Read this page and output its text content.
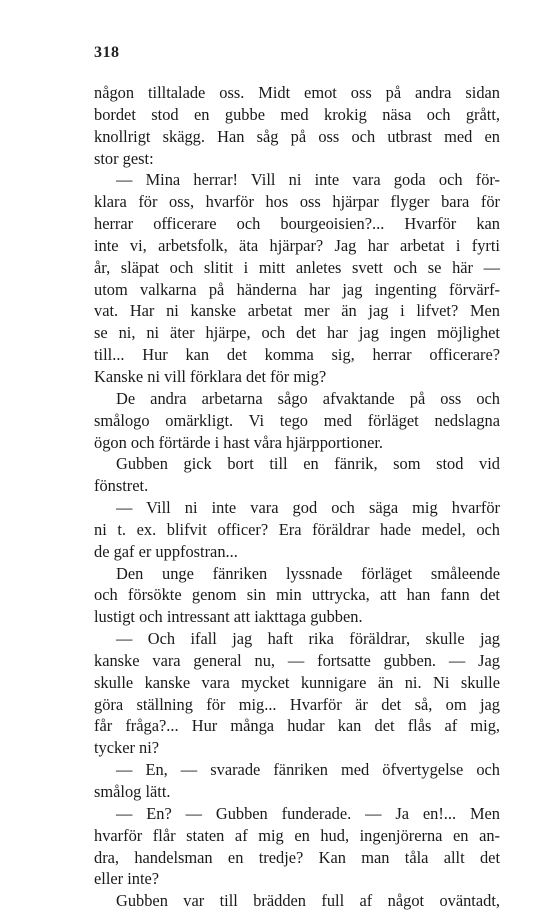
318
någon tilltalade oss. Midt emot oss på andra sidan
bordet stod en gubbe med krokig näsa och grått,
knollrigt skägg. Han såg på oss och utbrast med en
stor gest:
— Mina herrar! Vill ni inte vara goda och för-
klara för oss, hvarför hos oss hjärpar flyger bara för
herrar officerare och bourgeoisien?... Hvarför kan
inte vi, arbetsfolk, äta hjärpar? Jag har arbetat i fyrti
år, släpat och slitit i mitt anletes svett och se här —
utom valkarna på händerna har jag ingenting förvärf-
vat. Har ni kanske arbetat mer än jag i lifvet? Men
se ni, ni äter hjärpe, och det har jag ingen möjlighet
till... Hur kan det komma sig, herrar officerare?
Kanske ni vill förklara det för mig?
De andra arbetarna sågo afvaktande på oss och
smålogo omärkligt. Vi tego med förläget nedslagna
ögon och förtärde i hast våra hjärpportioner.
Gubben gick bort till en fänrik, som stod vid
fönstret.
— Vill ni inte vara god och säga mig hvarför
ni t. ex. blifvit officer? Era föräldrar hade medel, och
de gaf er uppfostran...
Den unge fänriken lyssnade förläget småleende
och försökte genom sin min uttrycka, att han fann det
lustigt och intressant att iakttaga gubben.
— Och ifall jag haft rika föräldrar, skulle jag
kanske vara general nu, — fortsatte gubben. — Jag
skulle kanske vara mycket kunnigare än ni. Ni skulle
göra ställning för mig... Hvarför är det så, om jag
får fråga?... Hur många hudar kan det flås af mig,
tycker ni?
— En, — svarade fänriken med öfvertygelse och
smålog lätt.
— En? — Gubben funderade. — Ja en!... Men
hvarför flår staten af mig en hud, ingenjörerna en an-
dra, handelsman en tredje? Kan man tåla allt det
eller inte?
Gubben var till brädden full af något oväntadt,
